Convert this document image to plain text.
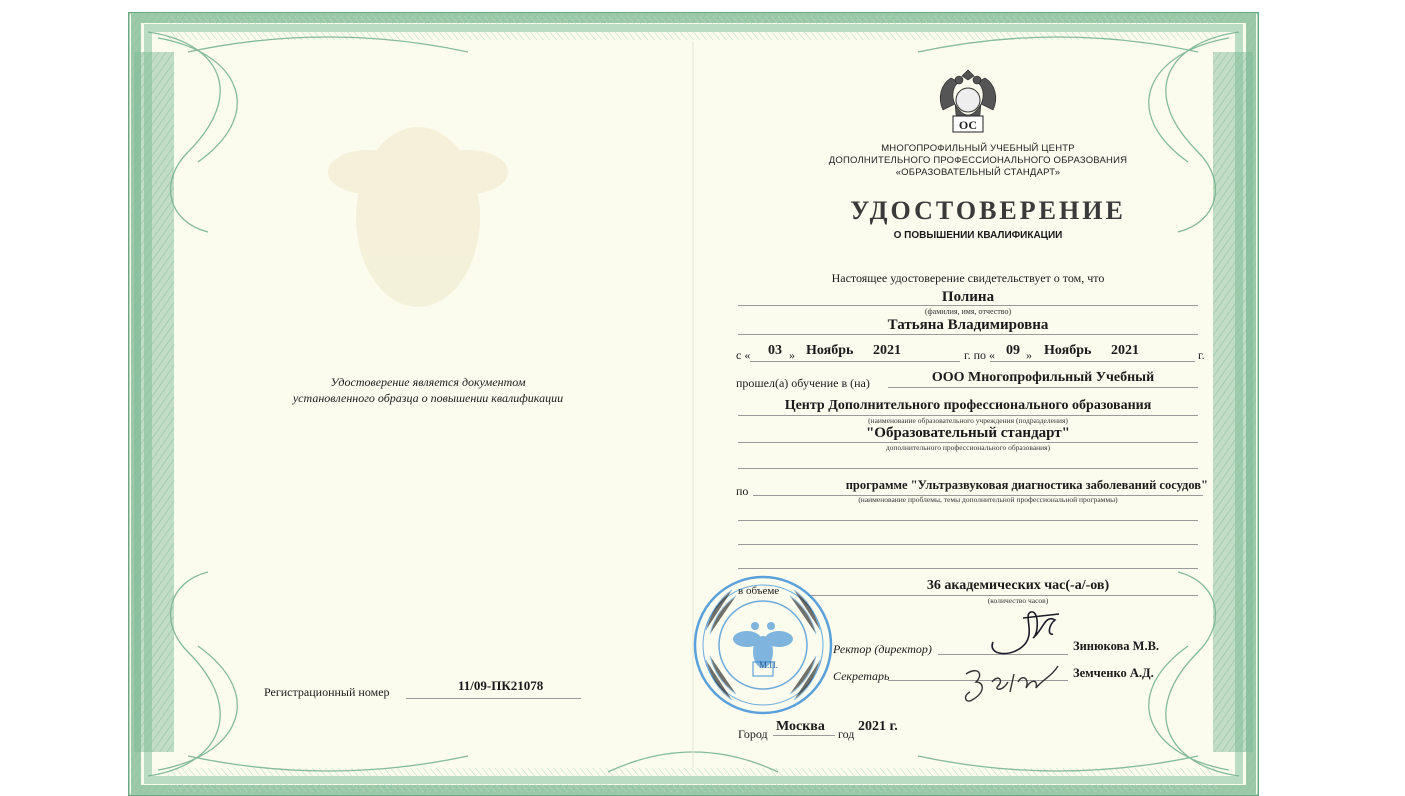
Удостоверение является документом
установленного образца о повышении квалификации
Регистрационный номер	11/09-ПК21078
ОС
МНОГОПРОФИЛЬНЫЙ УЧЕБНЫЙ ЦЕНТР
ДОПОЛНИТЕЛЬНОГО ПРОФЕССИОНАЛЬНОГО ОБРАЗОВАНИЯ
«ОБРАЗОВАТЕЛЬНЫЙ СТАНДАРТ»
УДОСТОВЕРЕНИЕ
О ПОВЫШЕНИИ КВАЛИФИКАЦИИ
Настоящее удостоверение свидетельствует о том, что
Полина
(фамилия, имя, отчество)
Татьяна Владимировна
с « 03 » Ноябрь 2021	г. по « 09 » Ноябрь 2021	г.
прошел(а) обучение в (на)	ООО Многопрофильный Учебный
Центр Дополнительного профессионального образования
(наименование образовательного учреждения (подразделения)
"Образовательный стандарт"
дополнительного профессионального образования)
по	программе "Ультразвуковая диагностика заболеваний сосудов"
(наименование проблемы, темы дополнительной профессиональной программы)
в объеме	36 академических час(-а/-ов)
(количество часов)
М.П.
Ректор (директор)	Зинюкова М.В.
Секретарь	Земченко А.Д.
Город Москва год 2021 г.
